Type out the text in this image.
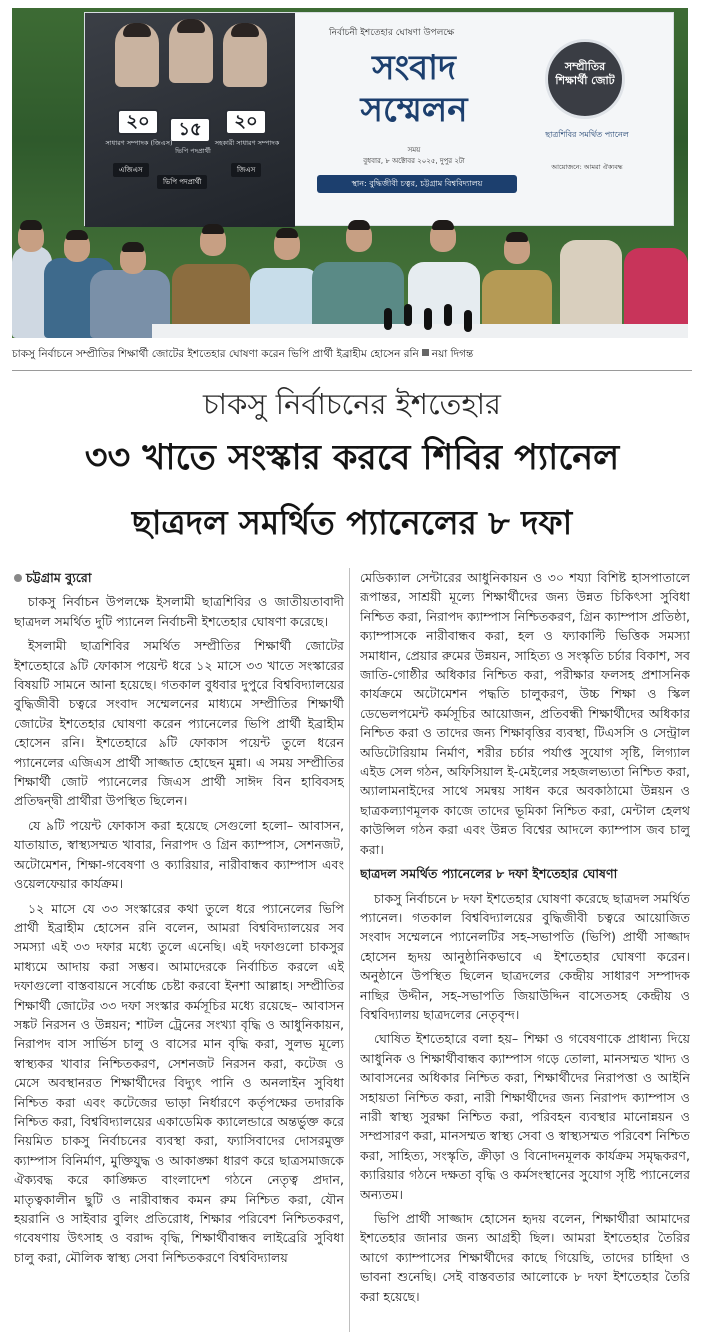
২০	১৫	২০
সাধারণ সম্পাদক (জিএস)
ভিপি পদপ্রার্থী
সহকারী সাধারণ সম্পাদক
এজিএস
ভিপি পদপ্রার্থী
জিএস
নির্বাচনী ইশতেহার ঘোষণা উপলক্ষে
সংবাদ
সম্মেলন
সময়
বুধবার, ৮ অক্টোবর ২০২৫, দুপুর ২টা
স্থান: বুদ্ধিজীবী চত্বর, চট্টগ্রাম বিশ্ববিদ্যালয়
সম্প্রীতির শিক্ষার্থী জোট
ছাত্রশিবির সমর্থিত প্যানেল
আয়োজনে: আমরা ঐক্যবদ্ধ
চাকসু নির্বাচনে সম্প্রীতির শিক্ষার্থী জোটের ইশতেহার ঘোষণা করেন ভিপি প্রার্থী ইব্রাহীম হোসেন রনি নয়া দিগন্ত
চাকসু নির্বাচনের ইশতেহার
৩৩ খাতে সংস্কার করবে শিবির প্যানেল
ছাত্রদল সমর্থিত প্যানেলের ৮ দফা

চট্টগ্রাম ব্যুরো

চাকসু নির্বাচন উপলক্ষে ইসলামী ছাত্রশিবির ও জাতীয়তাবাদী ছাত্রদল সমর্থিত দুটি প্যানেল নির্বাচনী ইশতেহার ঘোষণা করেছে।

ইসলামী ছাত্রশিবির সমর্থিত সম্প্রীতির শিক্ষার্থী জোটের ইশতেহারে ৯টি ফোকাস পয়েন্ট ধরে ১২ মাসে ৩৩ খাতে সংস্কারের বিষয়টি সামনে আনা হয়েছে। গতকাল বুধবার দুপুরে বিশ্ববিদ্যালয়ের বুদ্ধিজীবী চত্বরে সংবাদ সম্মেলনের মাধ্যমে সম্প্রীতির শিক্ষার্থী জোটের ইশতেহার ঘোষণা করেন প্যানেলের ভিপি প্রার্থী ইব্রাহীম হোসেন রনি। ইশতেহারে ৯টি ফোকাস পয়েন্ট তুলে ধরেন প্যানেলের এজিএস প্রার্থী সাজ্জাত হোছেন মুন্না। এ সময় সম্প্রীতির শিক্ষার্থী জোট প্যানেলের জিএস প্রার্থী সাঈদ বিন হাবিবসহ প্রতিদ্বন্দ্বী প্রার্থীরা উপস্থিত ছিলেন।

যে ৯টি পয়েন্ট ফোকাস করা হয়েছে সেগুলো হলো– আবাসন, যাতায়াত, স্বাস্থ্যসম্মত খাবার, নিরাপদ ও গ্রিন ক্যাম্পাস, সেশনজট, অটোমেশন, শিক্ষা-গবেষণা ও ক্যারিয়ার, নারীবান্ধব ক্যাম্পাস এবং ওয়েলফেয়ার কার্যক্রম।

১২ মাসে যে ৩৩ সংস্কারের কথা তুলে ধরে প্যানেলের ভিপি প্রার্থী ইব্রাহীম হোসেন রনি বলেন, আমরা বিশ্ববিদ্যালয়ের সব সমস্যা এই ৩৩ দফার মধ্যে তুলে এনেছি। এই দফাগুলো চাকসুর মাধ্যমে আদায় করা সম্ভব। আমাদেরকে নির্বাচিত করলে এই দফাগুলো বাস্তবায়নে সর্বোচ্চ চেষ্টা করবো ইনশা আল্লাহ। সম্প্রীতির শিক্ষার্থী জোটের ৩৩ দফা সংস্কার কর্মসূচির মধ্যে রয়েছে– আবাসন সঙ্কট নিরসন ও উন্নয়ন; শাটল ট্রেনের সংখ্যা বৃদ্ধি ও আধুনিকায়ন, নিরাপদ বাস সার্ভিস চালু ও বাসের মান বৃদ্ধি করা, সুলভ মূল্যে স্বাস্থ্যকর খাবার নিশ্চিতকরণ, সেশনজট নিরসন করা, কটেজ ও মেসে অবস্থানরত শিক্ষার্থীদের বিদ্যুৎ পানি ও অনলাইন সুবিধা নিশ্চিত করা এবং কটেজের ভাড়া নির্ধারণে কর্তৃপক্ষের তদারকি নিশ্চিত করা, বিশ্ববিদ্যালয়ের একাডেমিক ক্যালেন্ডারে অন্তর্ভুক্ত করে নিয়মিত চাকসু নির্বাচনের ব্যবস্থা করা, ফ্যাসিবাদের দোসরমুক্ত ক্যাম্পাস বিনির্মাণ, মুক্তিযুদ্ধ ও আকাঙ্ক্ষা ধারণ করে ছাত্রসমাজকে ঐক্যবদ্ধ করে কাঙ্ক্ষিত বাংলাদেশ গঠনে নেতৃত্ব প্রদান, মাতৃত্বকালীন ছুটি ও নারীবান্ধব কমন রুম নিশ্চিত করা, যৌন হয়রানি ও সাইবার বুলিং প্রতিরোধ, শিক্ষার পরিবেশ নিশ্চিতকরণ, গবেষণায় উৎসাহ ও বরাদ্দ বৃদ্ধি, শিক্ষার্থীবান্ধব লাইব্রেরি সুবিধা চালু করা, মৌলিক স্বাস্থ্য সেবা নিশ্চিতকরণে বিশ্ববিদ্যালয়

মেডিক্যাল সেন্টারের আধুনিকায়ন ও ৩০ শয্যা বিশিষ্ট হাসপাতালে রূপান্তর, সাশ্রয়ী মূল্যে শিক্ষার্থীদের জন্য উন্নত চিকিৎসা সুবিধা নিশ্চিত করা, নিরাপদ ক্যাম্পাস নিশ্চিতকরণ, গ্রিন ক্যাম্পাস প্রতিষ্ঠা, ক্যাম্পাসকে নারীবান্ধব করা, হল ও ফ্যাকাল্টি ভিত্তিক সমস্যা সমাধান, প্রেয়ার রুমের উন্নয়ন, সাহিত্য ও সংস্কৃতি চর্চার বিকাশ, সব জাতি-গোষ্ঠীর অধিকার নিশ্চিত করা, পরীক্ষার ফলসহ প্রশাসনিক কার্যক্রমে অটোমেশন পদ্ধতি চালুকরণ, উচ্চ শিক্ষা ও স্কিল ডেভেলপমেন্ট কর্মসূচির আয়োজন, প্রতিবন্ধী শিক্ষার্থীদের অধিকার নিশ্চিত করা ও তাদের জন্য শিক্ষাবৃত্তির ব্যবস্থা, টিএসসি ও সেন্ট্রাল অডিটোরিয়াম নির্মাণ, শরীর চর্চার পর্যাপ্ত সুযোগ সৃষ্টি, লিগ্যাল এইড সেল গঠন, অফিসিয়াল ই-মেইলের সহজলভ্যতা নিশ্চিত করা, অ্যালামনাইদের সাথে সমন্বয় সাধন করে অবকাঠামো উন্নয়ন ও ছাত্রকল্যাণমূলক কাজে তাদের ভূমিকা নিশ্চিত করা, মেন্টাল হেলথ কাউন্সিল গঠন করা এবং উন্নত বিশ্বের আদলে ক্যাম্পাস জব চালু করা।

ছাত্রদল সমর্থিত প্যানেলের ৮ দফা ইশতেহার ঘোষণা

চাকসু নির্বাচনে ৮ দফা ইশতেহার ঘোষণা করেছে ছাত্রদল সমর্থিত প্যানেল। গতকাল বিশ্ববিদ্যালয়ের বুদ্ধিজীবী চত্বরে আয়োজিত সংবাদ সম্মেলনে প্যানেলটির সহ-সভাপতি (ভিপি) প্রার্থী সাজ্জাদ হোসেন হৃদয় আনুষ্ঠানিকভাবে এ ইশতেহার ঘোষণা করেন। অনুষ্ঠানে উপস্থিত ছিলেন ছাত্রদলের কেন্দ্রীয় সাধারণ সম্পাদক নাছির উদ্দীন, সহ-সভাপতি জিয়াউদ্দিন বাসেতসহ কেন্দ্রীয় ও বিশ্ববিদ্যালয় ছাত্রদলের নেতৃবৃন্দ।

ঘোষিত ইশতেহারে বলা হয়– শিক্ষা ও গবেষণাকে প্রাধান্য দিয়ে আধুনিক ও শিক্ষার্থীবান্ধব ক্যাম্পাস গড়ে তোলা, মানসম্মত খাদ্য ও আবাসনের অধিকার নিশ্চিত করা, শিক্ষার্থীদের নিরাপত্তা ও আইনি সহায়তা নিশ্চিত করা, নারী শিক্ষার্থীদের জন্য নিরাপদ ক্যাম্পাস ও নারী স্বাস্থ্য সুরক্ষা নিশ্চিত করা, পরিবহন ব্যবস্থার মানোন্নয়ন ও সম্প্রসারণ করা, মানসম্মত স্বাস্থ্য সেবা ও স্বাস্থ্যসম্মত পরিবেশ নিশ্চিত করা, সাহিত্য, সংস্কৃতি, ক্রীড়া ও বিনোদনমূলক কার্যক্রম সমৃদ্ধকরণ, ক্যারিয়ার গঠনে দক্ষতা বৃদ্ধি ও কর্মসংস্থানের সুযোগ সৃষ্টি প্যানেলের অন্যতম।

ভিপি প্রার্থী সাজ্জাদ হোসেন হৃদয় বলেন, শিক্ষার্থীরা আমাদের ইশতেহার জানার জন্য আগ্রহী ছিল। আমরা ইশতেহার তৈরির আগে ক্যাম্পাসের শিক্ষার্থীদের কাছে গিয়েছি, তাদের চাহিদা ও ভাবনা শুনেছি। সেই বাস্তবতার আলোকে ৮ দফা ইশতেহার তৈরি করা হয়েছে।
